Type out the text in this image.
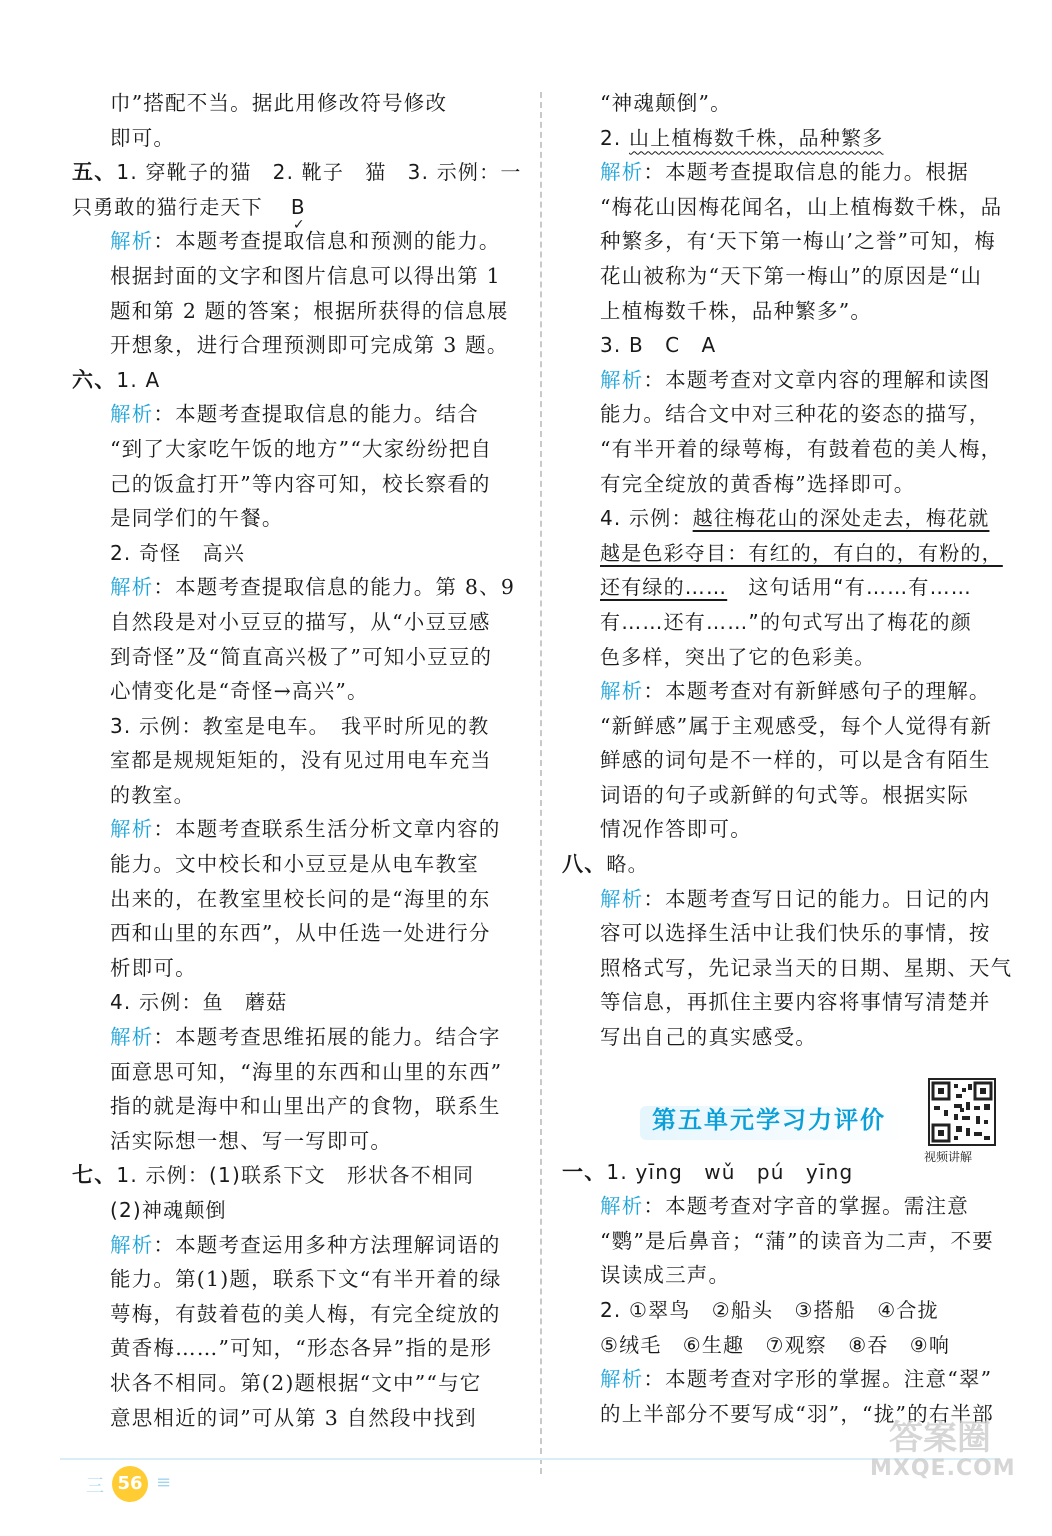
巾”搭配不当。据此用修改符号修改
即可。
五、1. 穿靴子的猫　2. 靴子　猫　3. 示例：一
只勇敢的猫行走天下 B
✓
解析：本题考查提取信息和预测的能力。
根据封面的文字和图片信息可以得出第 1
题和第 2 题的答案；根据所获得的信息展
开想象，进行合理预测即可完成第 3 题。
六、1. A
解析：本题考查提取信息的能力。结合
“到了大家吃午饭的地方”“大家纷纷把自
己的饭盒打开”等内容可知，校长察看的
是同学们的午餐。
2. 奇怪　高兴
解析：本题考查提取信息的能力。第 8、9
自然段是对小豆豆的描写，从“小豆豆感
到奇怪”及“简直高兴极了”可知小豆豆的
心情变化是“奇怪→高兴”。
3. 示例：教室是电车。　我平时所见的教
室都是规规矩矩的，没有见过用电车充当
的教室。
解析：本题考查联系生活分析文章内容的
能力。文中校长和小豆豆是从电车教室
出来的，在教室里校长问的是“海里的东
西和山里的东西”，从中任选一处进行分
析即可。
4. 示例：鱼　蘑菇
解析：本题考查思维拓展的能力。结合字
面意思可知，“海里的东西和山里的东西”
指的就是海中和山里出产的食物，联系生
活实际想一想、写一写即可。
七、1. 示例：(1)联系下文　形状各不相同
(2)神魂颠倒
解析：本题考查运用多种方法理解词语的
能力。第(1)题，联系下文“有半开着的绿
萼梅，有鼓着苞的美人梅，有完全绽放的
黄香梅……”可知，“形态各异”指的是形
状各不相同。第(2)题根据“文中”“与它
意思相近的词”可从第 3 自然段中找到
“神魂颠倒”。
2. 山上植梅数千株，品种繁多
解析：本题考查提取信息的能力。根据
“梅花山因梅花闻名，山上植梅数千株，品
种繁多，有‘天下第一梅山’之誉”可知，梅
花山被称为“天下第一梅山”的原因是“山
上植梅数千株，品种繁多”。
3. B　C　A
解析：本题考查对文章内容的理解和读图
能力。结合文中对三种花的姿态的描写，
“有半开着的绿萼梅，有鼓着苞的美人梅，
有完全绽放的黄香梅”选择即可。
4. 示例：越往梅花山的深处走去，梅花就
越是色彩夺目：有红的，有白的，有粉的，
还有绿的……　这句话用“有……有……
有……还有……”的句式写出了梅花的颜
色多样，突出了它的色彩美。
解析：本题考查对有新鲜感句子的理解。
“新鲜感”属于主观感受，每个人觉得有新
鲜感的词句是不一样的，可以是含有陌生
词语的句子或新鲜的句式等。根据实际
情况作答即可。
八、略。
解析：本题考查写日记的能力。日记的内
容可以选择生活中让我们快乐的事情，按
照格式写，先记录当天的日期、星期、天气
等信息，再抓住主要内容将事情写清楚并
写出自己的真实感受。
一、1. yīng　wǔ　pú　yīng
解析：本题考查对字音的掌握。需注意
“鹦”是后鼻音；“蒲”的读音为二声，不要
误读成三声。
2. ①翠鸟　②船头　③搭船　④合拢
⑤绒毛　⑥生趣　⑦观察　⑧吞　⑨响
解析：本题考查对字形的掌握。注意“翠”
的上半部分不要写成“羽”，“拢”的右半部
第五单元学习力评价
视频讲解
三 56 ≡
答案圈
MXQE.COM
